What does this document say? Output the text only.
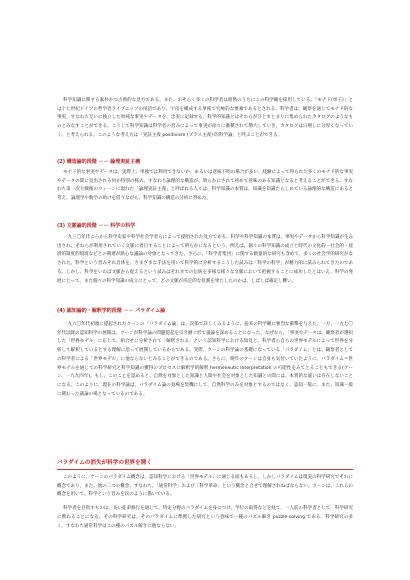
科学知識に関する素朴かつ古典的な見方である。また、おそらく多くの科学者は暗黙のうちにこの科学観を採用している。「モナド(単子)」とは十七世紀ドイツの哲学者ライプニッツの用語であり、宇宙を構成する単純で究極的な要素であるとされる。科学者は、観察を通じてモナド的な事実、すなわち互いに独立した単純な事実やデータを、忠実に記録する。科学的知識とはそれらがひとまとまりに集められたカタログのようなものとみなすことができる。こうして科学知識は科学者の営みによって事実が徐々に蓄積されて増大していき、カタログは日増しに分厚くなっていく。と考えられる。このような考え方は「実証主義 positivism (プラス主義) 的科学論」と呼ぶことができる。

(2) 構造論的段階 －－ 論理実証主義

モナド的な事実やデータは、実際上、単独では利用できないか、あるいは意味不明の場合が多い。経験によって得られた多くのモナド的な事実やデータの間に見出される何か特別の様式、すなわち論理的な構造が、明らかにされて初めて意味のある知識となると考えることができる。すなわち第一次大戦後のウィーンに現れた「論理実証主義」と呼ばれる人々は、科学知識の本質は、知識を知識たらしめている論理的な構造にあると考え、論理学や数学の助けを借りながら、科学知識の構造の分析に努めた。

(3) 文脈論的段階 －－ 科学の科学

一九三〇年代ころから科学史家や科学社会学者らによって提唱された見方である。科学や科学知識の本質は、事実やデータから科学知識が生み出され、それらが利用されていく文脈に着目することによって明らかになるという。例えば、個々の科学知識の成立と時代の文化的・社会的・経済的制度的環境などとの関連が熱心な議論の対象となってきた。さらに、「科学者集団」に関する数量的な研究も含めて、多くの社会学的研究がなされた。科学という営みそれ自体を、さまざまな手法を用いて科学的に分析するこうした試みは「科学の科学」が精力的に試みられてきたのである。しかし、科学をいわば文脈から捉えるという試みはそれまでの伝統を多様な様々な文脈において把握することに成功したとはいえ、科学の発展にとって、また個々の科学知識の成立にとって、どの文脈が決定的な役割を果たしたのかは、しばしば確定し難い。

(4) 認知論的・解釈学的段階 －－ パラダイム論

一九六〇年代初頭に提起されたクーンの「パラダイム論」は、次節で詳しくみるように、従来の科学観に強烈な衝撃を与えた。一方、一九七〇年代以降の認知科学の展開は、クーンが科学論の問題提起を引き継ぐ形で議論を深めることになった。なぜなら、「事実やデータは、観察者が選択した「世界モデル」に応じて、組合せに分析されて「解釈される」という認知科学における知見と、科学者ら自らの世界モデルによって世界を分析して解釈しているとする理解に沿って展開しているからである。実際、クーンの科学論の基礎になっている「パラダイム」とは、観察者としての科学者による「世界モデル」に他ならないとみることができるのである。さらに、晩年のクーンは自身も気付いていたように、パラダイム＝世界モデルを通じての科学研究と科学知識の獲得のプロセスに解釈学的解釈 hermeneutic interpretation の可能性をみてとることもできる(クーン、一九九四年)。もし、このことを認めると、自然を対象とした知識と人間や社会を対象とした知識との間には、本質的な違いは存在しないことになる。このように、現在の科学論は、パラダイム論の登場を契機にして、自然科学のみを対象とするのではなく、認知一般に、また、知識一般に関わった議論の場となっているのである。

パラダイムの消失が科学の世界を開く

このように、クーンのパラダイム概念は、認知科学における「世界モデル」に通じる面もあるし、しかしパラダイムは現実の科学研究でそれに概念であり、また、他の二つの概念、すなわち、「通常科学」および「科学革命」という概念と合せて理解されねばならない。クーンは、これらの概念を用いて、科学という営みを次のように描いている。

科学者を目指すものは、長い徒弟修行を通じて、特定分野のパラダイムを身につけ、学位の取得などを経て、一人前の科学者として、科学研究に携わることになる。その科学研究は、そのパラダイムに準拠した研究という意味で一種のパズル解き puzzle solving である。科学研究の多く、すなわち通常科学はこの種のパズル解きに他ならない。
